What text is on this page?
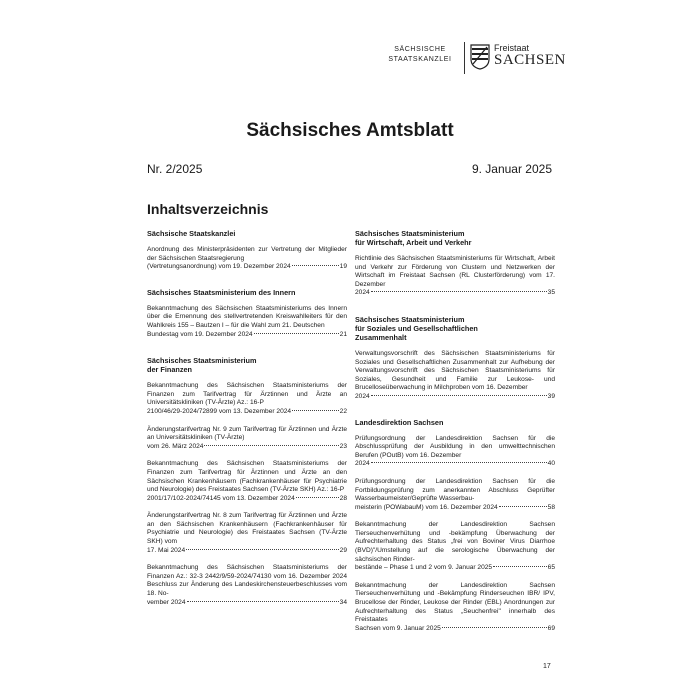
SÄCHSISCHE
STAATSKANZLEI
Freistaat
SACHSEN
Sächsisches Amtsblatt
Nr. 2/2025	9. Januar 2025
Inhaltsverzeichnis
Sächsische Staatskanzlei
Anordnung des Ministerpräsidenten zur Vertretung der Mitglieder der Sächsischen Staatsregierung
(Vertretungsanordnung) vom 19. Dezember 2024	19
Sächsisches Staatsministerium des Innern
Bekanntmachung des Sächsischen Staatsministeriums des Innern über die Ernennung des stellvertretenden Kreiswahlleiters für den Wahlkreis 155 – Bautzen I – für die Wahl zum 21. Deutschen
Bundestag vom 19. Dezember 2024	21
Sächsisches Staatsministerium
der Finanzen
Bekanntmachung des Sächsischen Staatsministeriums der Finanzen zum Tarifvertrag für Ärztinnen und Ärzte an Universitätskliniken (TV-Ärzte) Az.: 16-P
2100/46/29-2024/72899 vom 13. Dezember 2024	22
Änderungstarifvertrag Nr. 9 zum Tarifvertrag für Ärztinnen und Ärzte an Universitätskliniken (TV-Ärzte)
vom 26. März 2024	23
Bekanntmachung des Sächsischen Staatsministeriums der Finanzen zum Tarifvertrag für Ärztinnen und Ärzte an den Sächsischen Krankenhäusern (Fachkrankenhäuser für Psychiatrie und Neurologie) des Freistaates Sachsen (TV-Ärzte SKH) Az.: 16-P
2001/17/102-2024/74145 vom 13. Dezember 2024	28
Änderungstarifvertrag Nr. 8 zum Tarifvertrag für Ärztinnen und Ärzte an den Sächsischen Krankenhäusern (Fachkrankenhäuser für Psychiatrie und Neurologie) des Freistaates Sachsen (TV-Ärzte SKH) vom
17. Mai 2024	29
Bekanntmachung des Sächsischen Staatsministeriums der Finanzen Az.: 32-3 2442/9/59-2024/74130 vom 16. Dezember 2024 Beschluss zur Änderung des Landeskirchensteuerbeschlusses vom 18. No-
vember 2024	34
Sächsisches Staatsministerium
für Wirtschaft, Arbeit und Verkehr
Richtlinie des Sächsischen Staatsministeriums für Wirtschaft, Arbeit und Verkehr zur Förderung von Clustern und Netzwerken der Wirtschaft im Freistaat Sachsen (RL Clusterförderung) vom 17. Dezember
2024	35
Sächsisches Staatsministerium
für Soziales und Gesellschaftlichen
Zusammenhalt
Verwaltungsvorschrift des Sächsischen Staatsministeriums für Soziales und Gesellschaftlichen Zusammenhalt zur Aufhebung der Verwaltungsvorschrift des Sächsischen Staatsministeriums für Soziales, Gesundheit und Familie zur Leukose- und Brucelloseüberwachung in Milchproben vom 16. Dezember
2024	39
Landesdirektion Sachsen
Prüfungsordnung der Landesdirektion Sachsen für die Abschlussprüfung der Ausbildung in den umwelttechnischen Berufen (POutB) vom 16. Dezember
2024	40
Prüfungsordnung der Landesdirektion Sachsen für die Fortbildungsprüfung zum anerkannten Abschluss Geprüfter Wasserbaumeister/Geprüfte Wasserbau-
meisterin (POWabauM) vom 16. Dezember 2024	58
Bekanntmachung der Landesdirektion Sachsen Tierseuchenverhütung und -bekämpfung Überwachung der Aufrechterhaltung des Status „frei von Boviner Virus Diarrhoe (BVD)"/Umstellung auf die serologische Überwachung der sächsischen Rinder-
bestände – Phase 1 und 2 vom 9. Januar 2025	65
Bekanntmachung der Landesdirektion Sachsen Tierseuchenverhütung und -Bekämpfung Rinderseuchen IBR/ IPV, Brucellose der Rinder, Leukose der Rinder (EBL) Anordnungen zur Aufrechterhaltung des Status „Seuchenfrei" innerhalb des Freistaates
Sachsen vom 9. Januar 2025	69
17
